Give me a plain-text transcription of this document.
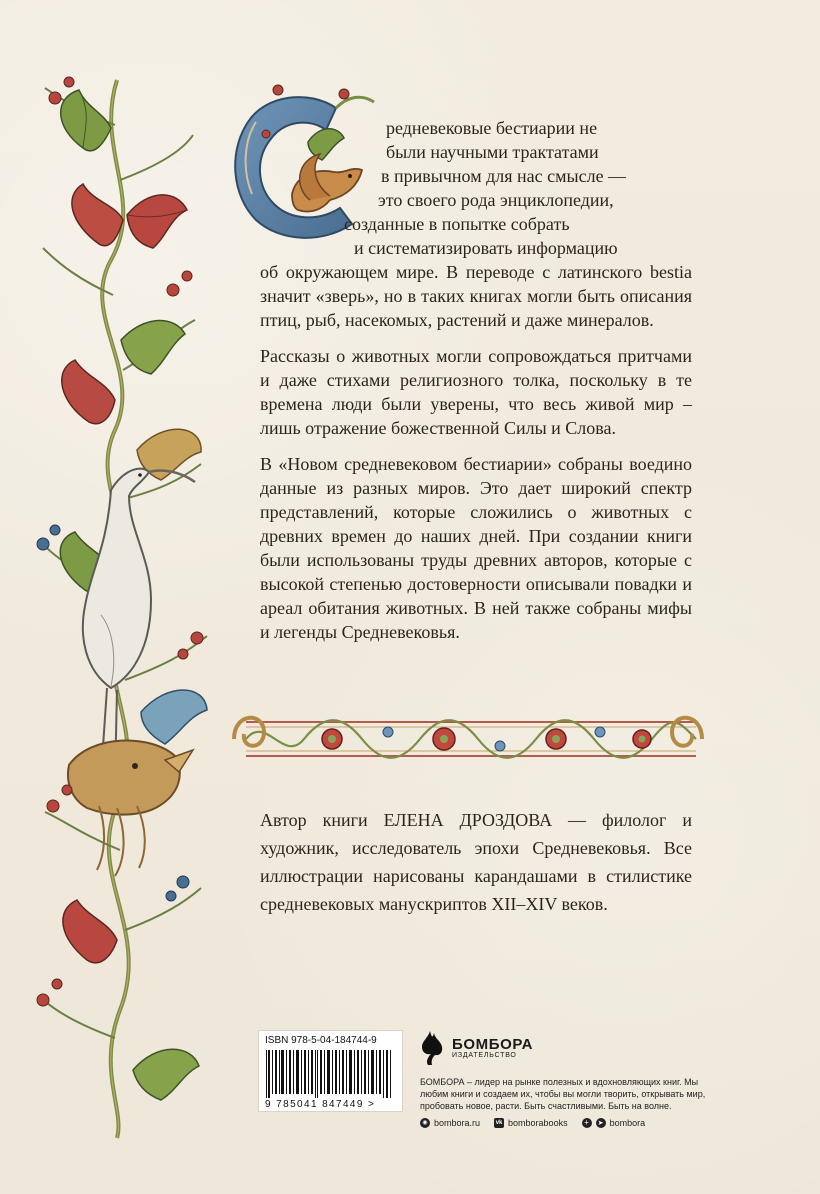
редневековые бестиарии не
были научными трактатами
в привычном для нас смысле —
это своего рода энциклопедии,
созданные в попытке собрать
и систематизировать информацию

об окружающем мире. В переводе с латинского bestia значит «зверь», но в таких книгах могли быть описания птиц, рыб, насекомых, растений и даже минералов.

Рассказы о животных могли сопровождаться притчами и даже стихами религиозного толка, поскольку в те времена люди были уверены, что весь живой мир – лишь отражение божественной Силы и Слова.

В «Новом средневековом бестиарии» собраны воедино данные из разных миров. Это дает широкий спектр представлений, которые сложились о животных с древних времен до наших дней. При создании книги были использованы труды древних авторов, которые с высокой степенью достоверности описывали повадки и ареал обитания животных. В ней также собраны мифы и легенды Средневековья.

Автор книги ЕЛЕНА ДРОЗДОВА — филолог и художник, исследователь эпохи Средневековья. Все иллюстрации нарисованы карандашами в стилистике средневековых манускриптов XII–XIV веков.
ISBN 978-5-04-184744-9
9 785041 847449 >
БОМБОРА
ИЗДАТЕЛЬСТВО
БОМБОРА – лидер на рынке полезных и вдохновляющих книг. Мы любим книги и создаем их, чтобы вы могли творить, открывать мир, пробовать новое, расти. Быть счастливыми. Быть на волне.
◉ bombora.ru	vk bomborabooks	+	➤ bombora
